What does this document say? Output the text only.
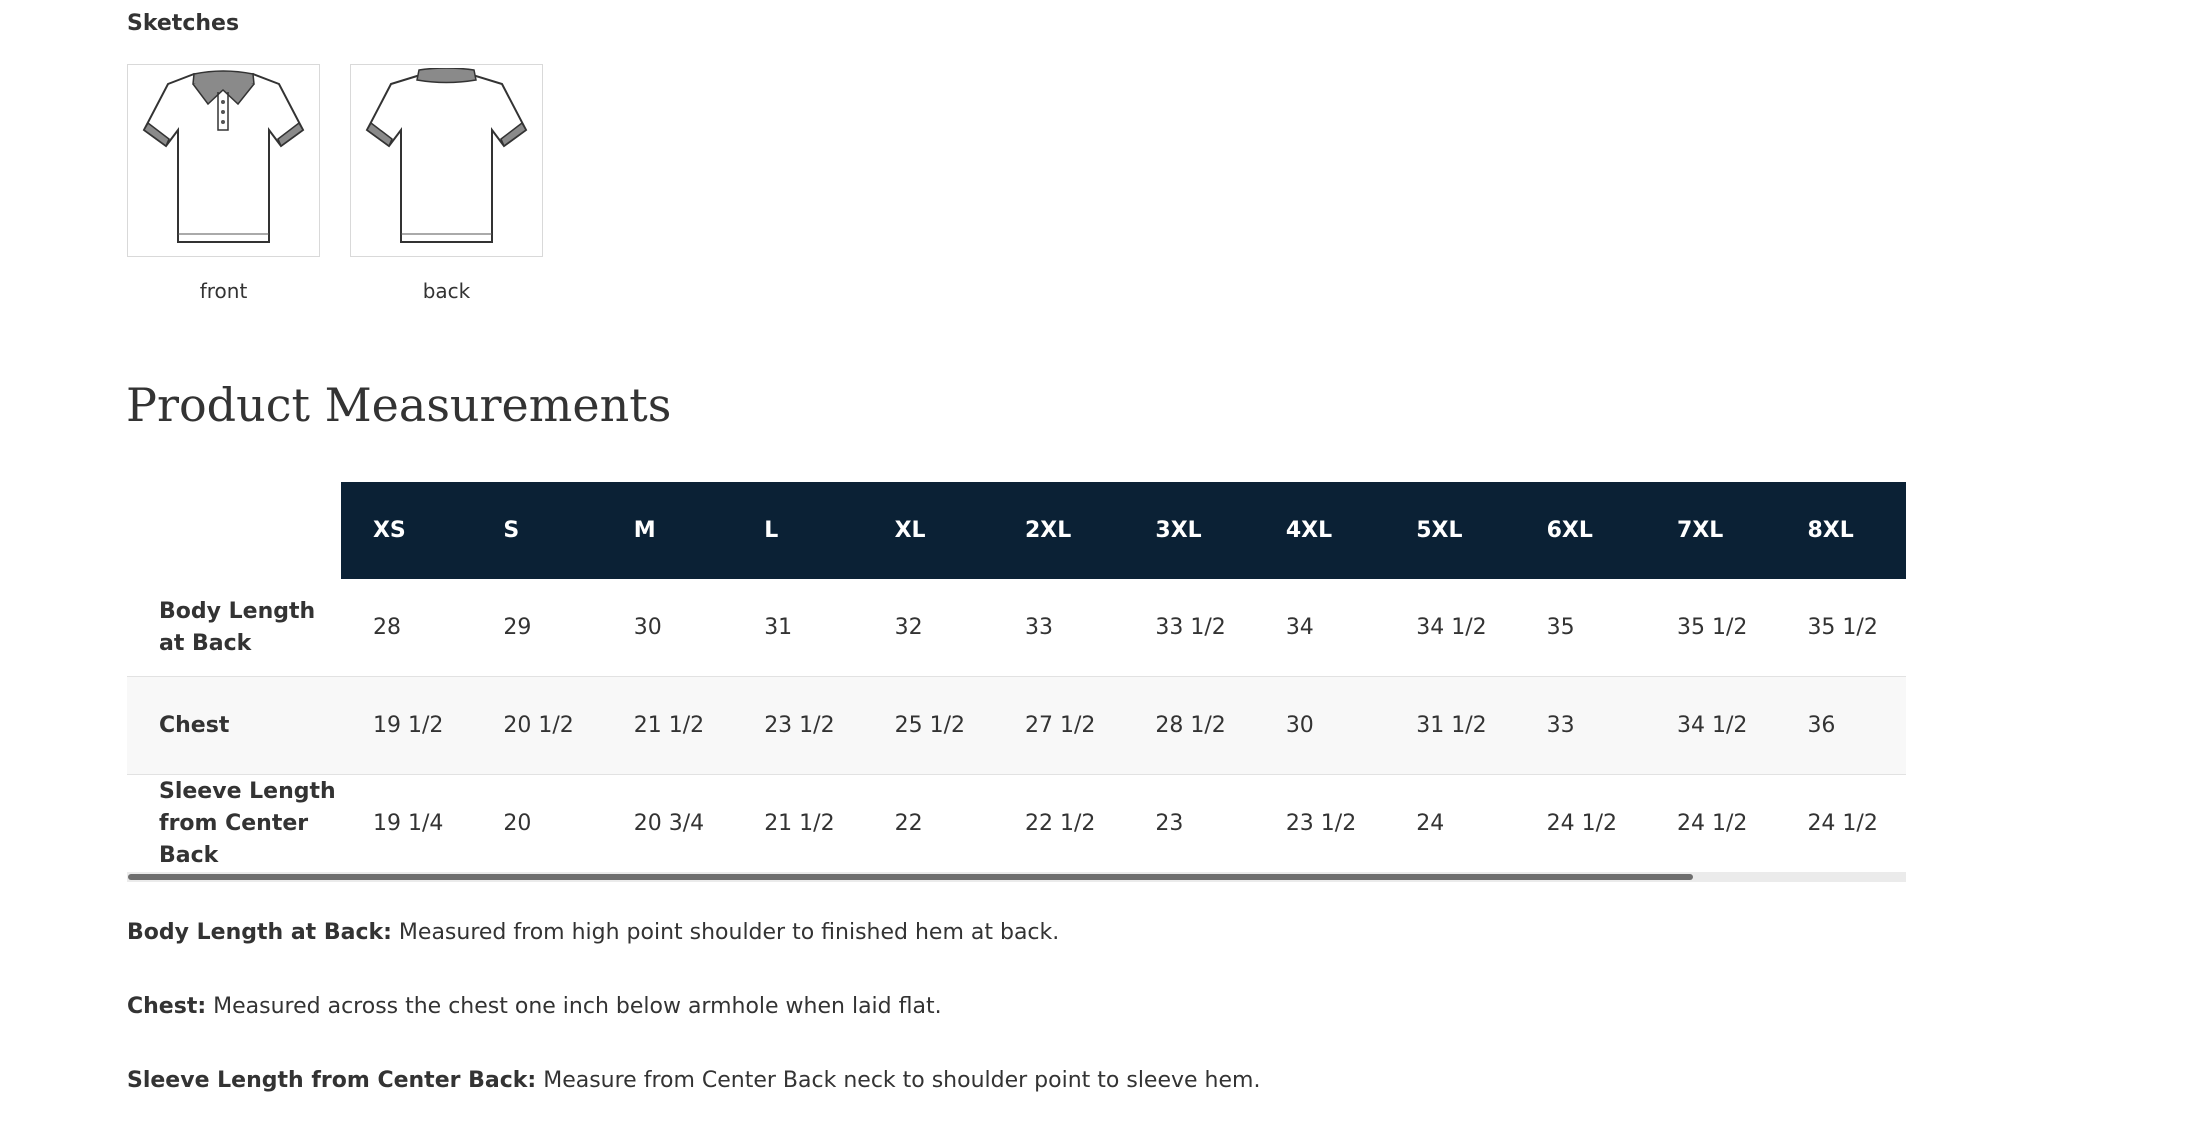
Sketches
front	back
Product Measurements
	XS	S	M	L	XL	2XL	3XL	4XL	5XL	6XL	7XL	8XL
Body Length at Back	28	29	30	31	32	33	33 1/2	34	34 1/2	35	35 1/2	35 1/2
Chest	19 1/2	20 1/2	21 1/2	23 1/2	25 1/2	27 1/2	28 1/2	30	31 1/2	33	34 1/2	36
Sleeve Length from Center Back	19 1/4	20	20 3/4	21 1/2	22	22 1/2	23	23 1/2	24	24 1/2	24 1/2	24 1/2

Body Length at Back: Measured from high point shoulder to finished hem at back.

Chest: Measured across the chest one inch below armhole when laid flat.

Sleeve Length from Center Back: Measure from Center Back neck to shoulder point to sleeve hem.
